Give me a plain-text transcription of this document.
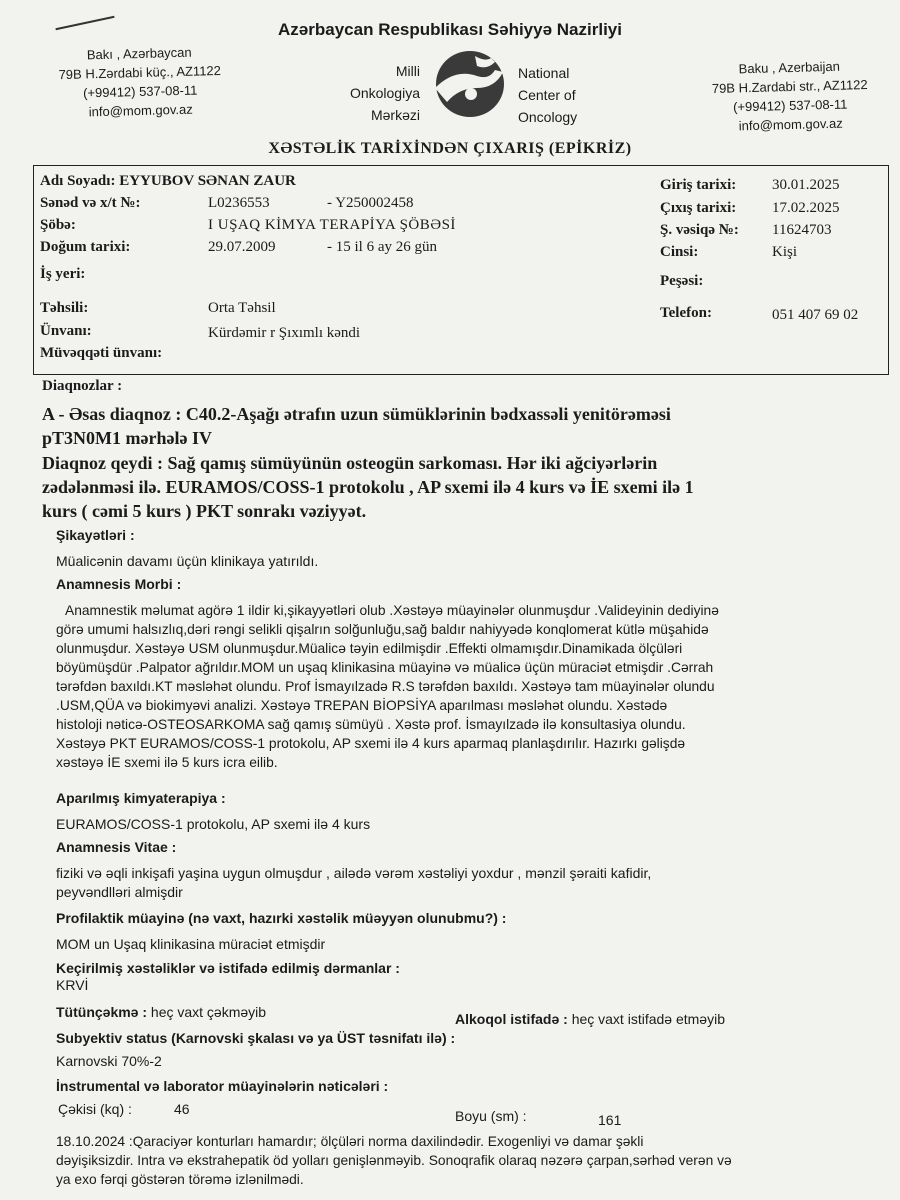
Azərbaycan Respublikası Səhiyyə Nazirliyi
Bakı , Azərbaycan
79B H.Zərdabi küç., AZ1122
(+99412) 537-08-11
info@mom.gov.az
Milli
Onkologiya
Mərkəzi
National
Center of
Oncology
Baku , Azerbaijan
79B H.Zardabi str., AZ1122
(+99412) 537-08-11
info@mom.gov.az
XƏSTƏLİK TARİXİNDƏN ÇIXARIŞ (EPİKRİZ)
Adı Soyadı: EYYUBOV SƏNAN ZAUR
Sənəd və x/t №:	L0236553	- Y250002458
Şöbə:	I UŞAQ KİMYA TERAPİYA ŞÖBƏSİ
Doğum tarixi:	29.07.2009	- 15 il 6 ay 26 gün
İş yeri:
Təhsili:	Orta Təhsil
Ünvanı:	Kürdəmir r Şıxımlı kəndi
Müvəqqəti ünvanı:
Giriş tarixi: 30.01.2025
Çıxış tarixi: 17.02.2025
Ş. vəsiqə №: 11624703
Cinsi:	Kişi
Peşəsi:
Telefon:	051 407 69 02
Diaqnozlar :
A - Əsas diaqnoz : C40.2-Aşağı ətrafın uzun sümüklərinin bədxassəli yenitörəməsi
pT3N0M1 mərhələ IV
Diaqnoz qeydi : Sağ qamış sümüyünün osteogün sarkoması. Hər iki ağciyərlərin
zədələnməsi ilə. EURAMOS/COSS-1 protokolu , AP sxemi ilə 4 kurs və İE sxemi ilə 1
kurs ( cəmi 5 kurs ) PKT sonrakı vəziyyət.
Şikayətləri :
Müalicənin davamı üçün klinikaya yatırıldı.
Anamnesis Morbi :
Anamnestik məlumat agörə 1 ildir ki,şikayyətləri olub .Xəstəyə müayinələr olunmuşdur .Valideyinin dediyinə
görə umumi halsızlıq,dəri rəngi selikli qişalrın solğunluğu,sağ baldır nahiyyədə konqlomerat kütlə müşahidə
olunmuşdur. Xəstəyə USM olunmuşdur.Müalicə təyin edilmişdir .Effekti olmamışdır.Dinamikada ölçüləri
böyümüşdür .Palpator ağrıldır.MOM un uşaq klinikasina müayinə və müalicə üçün müraciət etmişdir .Cərrah
tərəfdən baxıldı.KT məsləhət olundu. Prof İsmayılzadə R.S tərəfdən baxıldı. Xəstəyə tam müayinələr olundu
.USM,QÜA və biokimyəvi analizi. Xəstəyə TREPAN BİOPSİYA aparılması məsləhət olundu. Xəstədə
histoloji nəticə-OSTEOSARKOMA sağ qamış sümüyü . Xəstə prof. İsmayılzadə ilə konsultasiya olundu.
Xəstəyə PKT EURAMOS/COSS-1 protokolu, AP sxemi ilə 4 kurs aparmaq planlaşdırılır. Hazırkı gəlişdə
xəstəyə İE sxemi ilə 5 kurs icra eilib.
Aparılmış kimyaterapiya :
EURAMOS/COSS-1 protokolu, AP sxemi ilə 4 kurs
Anamnesis Vitae :
fiziki və əqli inkişafi yaşina uygun olmuşdur , ailədə vərəm xəstəliyi yoxdur , mənzil şəraiti kafidir,
peyvəndlləri almişdir
Profilaktik müayinə (nə vaxt, hazırki xəstəlik müəyyən olunubmu?) :
MOM un Uşaq klinikasina müraciət etmişdir
Keçirilmiş xəstəliklər və istifadə edilmiş dərmanlar :
KRVİ
Tütünçəkmə : heç vaxt çəkməyib	Alkoqol istifadə : heç vaxt istifadə etməyib
Subyektiv status (Karnovski şkalası və ya ÜST təsnifatı ilə) :
Karnovski 70%-2
İnstrumental və laborator müayinələrin nəticələri :
Çəkisi (kq) :	46	Boyu (sm) :	161
18.10.2024 :Qaraciyər konturları hamardır; ölçüləri norma daxilindədir. Exogenliyi və damar şəkli
dəyişiksizdir. Intra və ekstrahepatik öd yolları genişlənməyib. Sonoqrafik olaraq nəzərə çarpan,sərhəd verən və
ya exo fərqi göstərən törəmə izlənilmədi.
